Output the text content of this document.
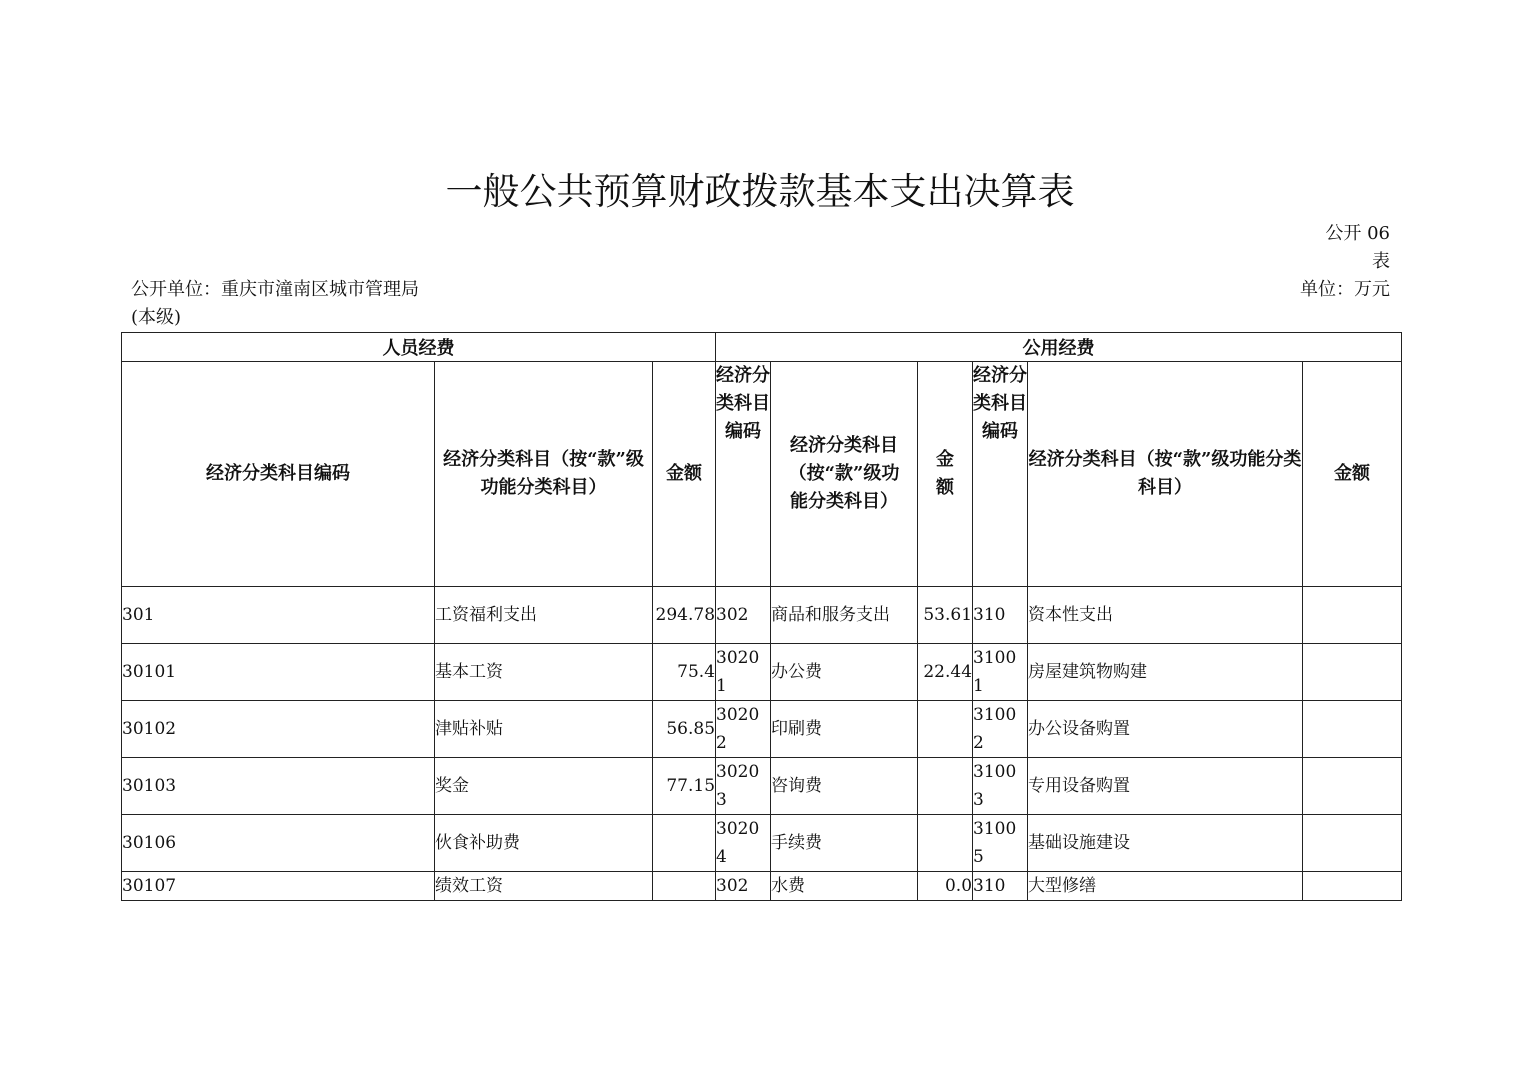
一般公共预算财政拨款基本支出决算表
公开 06 表
公开单位：重庆市潼南区城市管理局(本级)
单位：万元
人员经费			公用经费					
经济分类科目编码	经济分类科目（按“款”级功能分类科目）	金额	经济分类科目编码	经济分类科目（按“款”级功能分类科目）	金额	经济分类科目编码	经济分类科目（按“款”级功能分类科目）	金额
301	工资福利支出	294.78	302	商品和服务支出	53.61	310	资本性支出	
30101	基本工资	75.4	30201	办公费	22.44	31001	房屋建筑物购建	
30102	津贴补贴	56.85	30202	印刷费		31002	办公设备购置	
30103	奖金	77.15	30203	咨询费		31003	专用设备购置	
30106	伙食补助费		30204	手续费		31005	基础设施建设	
30107	绩效工资		302	水费	0.0	310	大型修缮	
